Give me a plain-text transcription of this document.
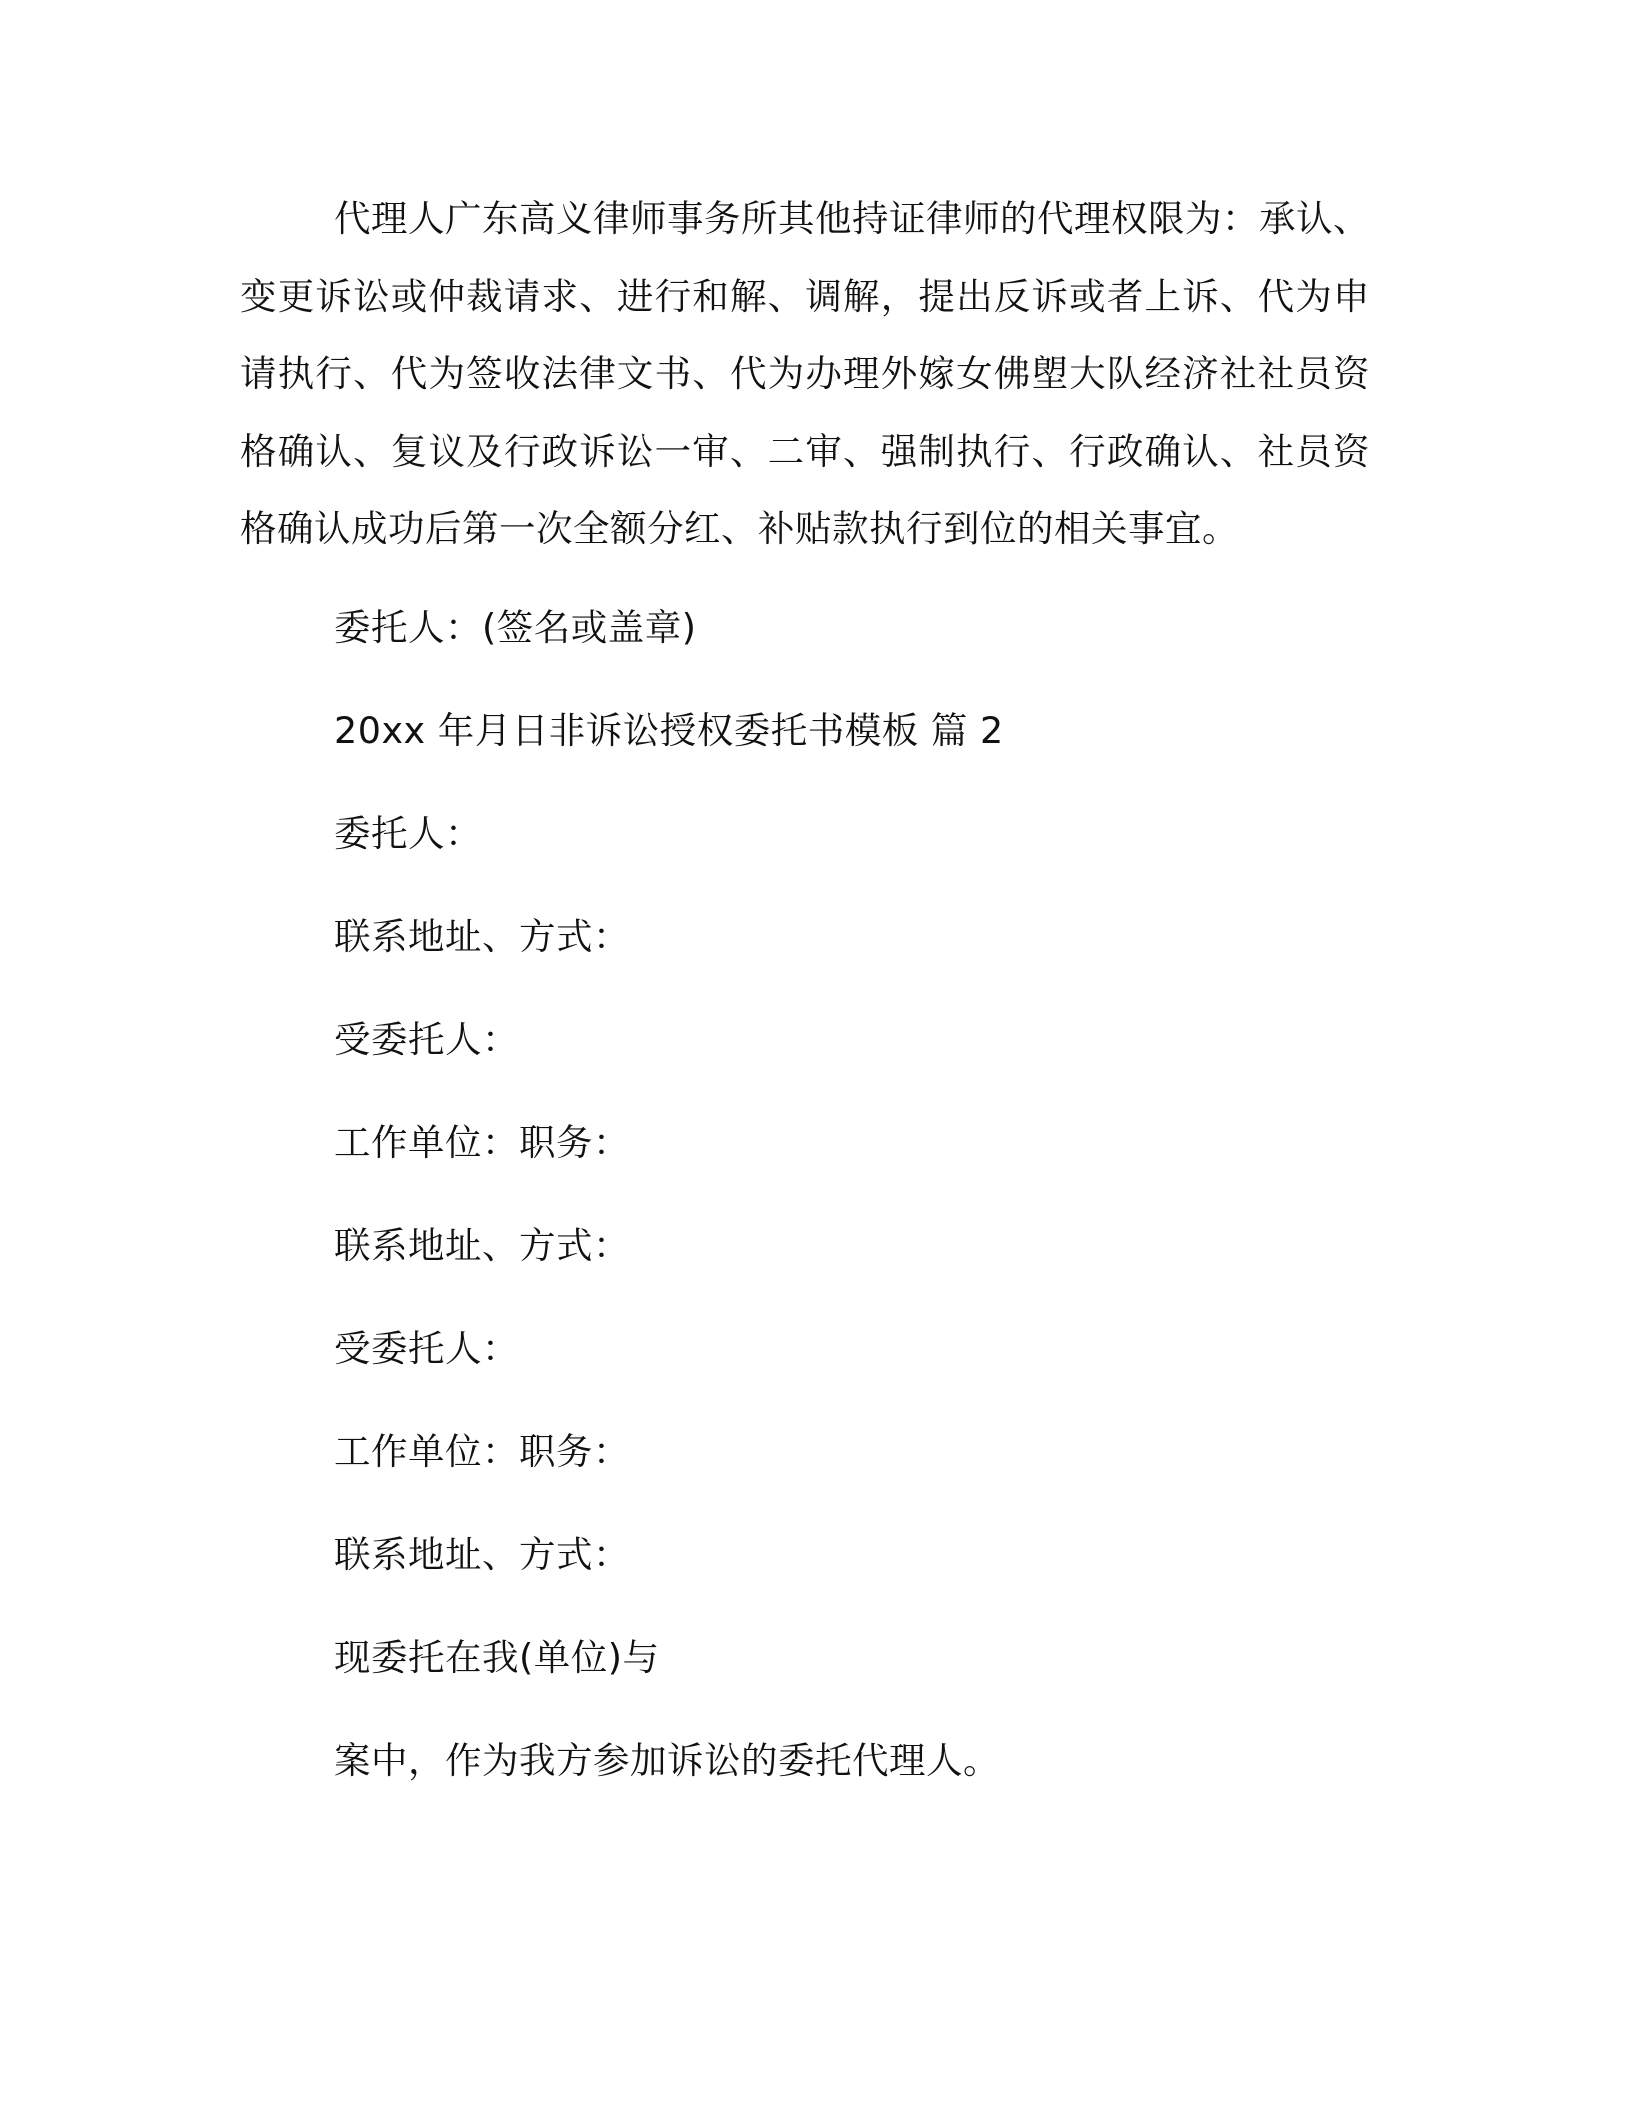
代理人广东高义律师事务所其他持证律师的代理权限为：承认、变更诉讼或仲裁请求、进行和解、调解，提出反诉或者上诉、代为申请执行、代为签收法律文书、代为办理外嫁女佛塱大队经济社社员资格确认、复议及行政诉讼一审、二审、强制执行、行政确认、社员资格确认成功后第一次全额分红、补贴款执行到位的相关事宜。

委托人：(签名或盖章)

20xx 年月日非诉讼授权委托书模板 篇 2

委托人：

联系地址、方式：

受委托人：

工作单位：职务：

联系地址、方式：

受委托人：

工作单位：职务：

联系地址、方式：

现委托在我(单位)与

案中，作为我方参加诉讼的委托代理人。
